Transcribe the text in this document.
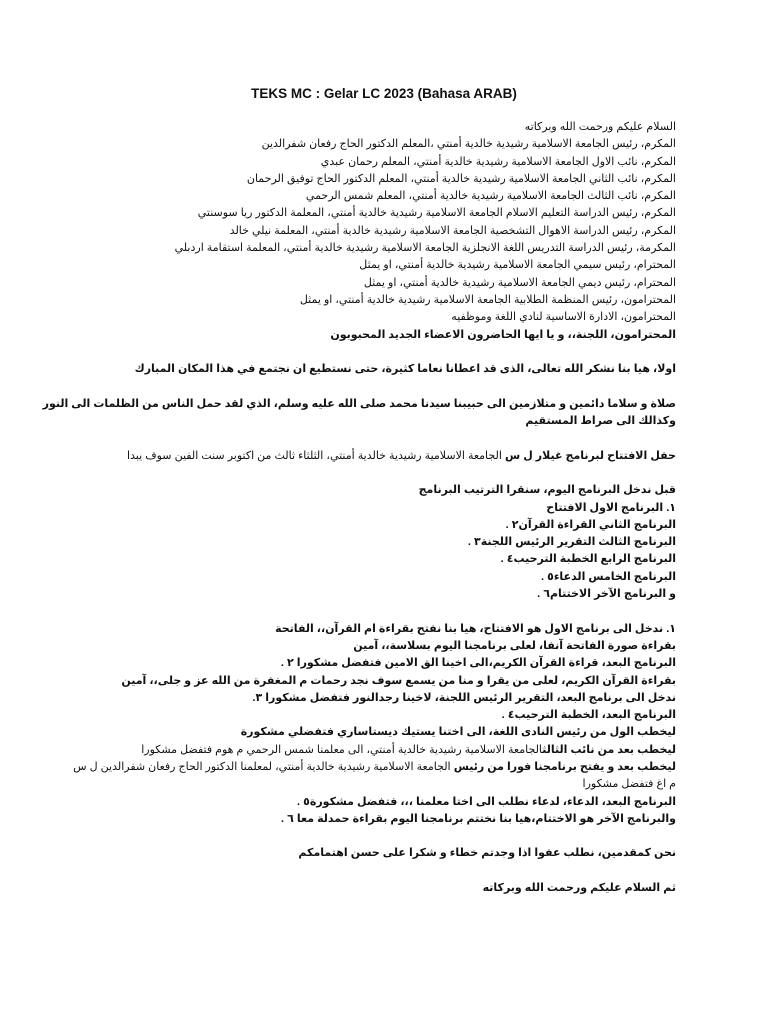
TEKS MC : Gelar LC 2023 (Bahasa ARAB)
السلام عليكم ورحمت الله وبركاته
المكرم، رئيس الجامعة الاسلامية رشيدية خالدية أمنتي ،المعلم الدكتور الحاج رفعان شفرالدين
المكرم، نائب الاول الجامعة الاسلامية رشيدية خالدية أمنتي، المعلم رحمان عبدي
المكرم، نائب الثاني الجامعة الاسلامية رشيدية خالدية أمنتي، المعلم الدكتور الحاج توفيق الرحمان
المكرم، نائب الثالث الجامعة الاسلامية رشيدية خالدية أمنتي، المعلم شمس الرحمي
المكرم، رئيس الدراسة التعليم الاسلام الجامعة الاسلامية رشيدية خالدية أمنتي، المعلمة الدكتور ريا سوسنتي
المكرم، رئيس الدراسة الاهوال التشخصية الجامعة الاسلامية رشيدية خالدية أمنتي، المعلمة نيلي خالد
المكرمة، رئيس الدراسة التدريس اللغة الانجلزية الجامعة الاسلامية رشيدية خالدية أمنتي، المعلمة استقامة اردبلي
المحترام، رئيس سيمي الجامعة الاسلامية رشيدية خالدية أمنتي، او يمثل
المحترام، رئيس ديمي الجامعة الاسلامية رشيدية خالدية أمنتي، او يمثل
المحترامون، رئيس المنظمة الطلابية الجامعة الاسلامية رشيدية خالدية أمنتي، او يمثل
المحترامون، الادارة الاساسية لنادي اللغة وموظفيه
المحترامون، اللجنة،، و يا ايها الحاضرون الاعضاء الجديد المحبوبون
اولا، هيا بنا نشكر الله تعالى، الذى قد اعطانا نعاما كثيرة، حتى نستطيع ان نجتمع في هذا المكان المبارك
صلاة و سلاما دائمين و متلازمين الى حبيبنا سيدنا محمد صلى الله عليه وسلم، الذي لقد حمل الناس من الظلمات الى النور
وكذالك الى صراط المستقيم
حفل الافتتاح لبرنامج غيلار ل س الجامعة الاسلامية رشيدية خالدية أمنتي، الثلثاء ثالث من اكتوبر سنت الفين سوف يبدا
قبل ندخل البرنامج اليوم، سنقرا الترتيب البرنامج
١. البرنامج الاول الافتتاح
البرنامج الثاني القراءة القرآن٢ .
البرنامج الثالث التقرير الرئيس اللجنة٣ .
البرنامج الرابع الخطبة الترحيب٤ .
البرنامج الخامس الدعاء٥ .
و البرنامج الآخر الاختتام٦ .
١. ندخل الى برنامج الاول هو الافتتاح، هيا بنا نفتح بقراءة ام القرآن،، الفاتحة
بقراءة صورة الفاتحة آنفا، لعلى برنامجنا اليوم بسلاسة،، آمين
البرنامج البعد، قراءة القرآن الكريم،الى اخينا الق الامين فتفضل مشكورا ٢ .
بقراءة القرآن الكريم، لعلى من يقرا و منا من يسمع سوف نجد رحمات م المغفرة من الله عز و جلى،، آمين
ندخل الى برنامج البعد، التقرير الرئيس اللجنة، لاخينا رجدالنور فتفضل مشكورا ٣.
البرنامج البعد، الخطبة الترحيب٤ .
ليخطب الول من رئيس النادى اللغة، الى اختنا يستيك ديستاساري فتفضلي مشكورة
ليخطب بعد من نائب الثالثالجامعة الاسلامية رشيدية خالدية أمنتي، الى معلمنا شمس الرحمي م هوم فتفضل مشكورا
ليخطب بعد و يفتح برنامجنا فورا من رئيس الجامعة الاسلامية رشيدية خالدية أمنتي، لمعلمنا الدكتور الحاج رفعان شفرالدين ل س
م اغ فتفضل مشكورا
البرنامج البعد، الدعاء، لدعاء نطلب الى اختا معلمنا ،،، فتفضل مشكورة٥ .
والبرنامج الآخر هو الاختتام،هيا بنا نختتم برنامجنا اليوم بقراءة حمدلة معا ٦ .
نحن كمقدمين، نطلب عفوا اذا وجدتم خطاء و شكرا على حسن اهتمامكم
ثم السلام عليكم ورحمت الله وبركاته
